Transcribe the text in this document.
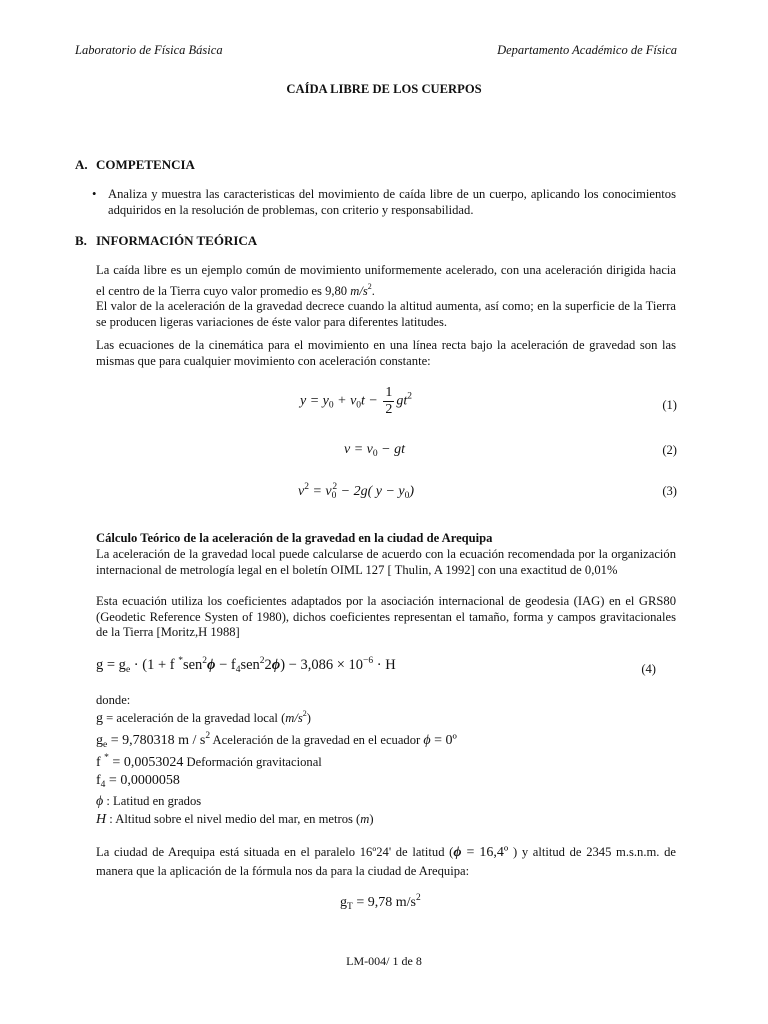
Laboratorio de Física Básica	Departamento Académico de Física
CAÍDA LIBRE DE LOS CUERPOS
A. COMPETENCIA
• Analiza y muestra las caracteristicas del movimiento de caída libre de un cuerpo, aplicando los conocimientos adquiridos en la resolución de problemas, con criterio y responsabilidad.
B. INFORMACIÓN TEÓRICA
La caída libre es un ejemplo común de movimiento uniformemente acelerado, con una aceleración dirigida hacia el centro de la Tierra cuyo valor promedio es 9,80 $m/s^2$.
El valor de la aceleración de la gravedad decrece cuando la altitud aumenta, así como; en la superficie de la Tierra se producen ligeras variaciones de éste valor para diferentes latitudes.
Las ecuaciones de la cinemática para el movimiento en una línea recta bajo la aceleración de gravedad son las mismas que para cualquier movimiento con aceleración constante:
$y = y_0 + v_0t - \frac{1}{2} gt^2$
(1)
$v = v_0$ − gt	(2)
$v^2 = v_0^2 - 2g$( $y - y_0$)	(3)
Cálculo Teórico de la aceleración de la gravedad en la ciudad de Arequipa
La aceleración de la gravedad local puede calcularse de acuerdo con la ecuación recomendada por la organización internacional de metrología legal en el boletín OIML 127 [ Thulin, A 1992] con una exactitud de 0,01%
Esta ecuación utiliza los coeficientes adaptados por la asociación internacional de geodesia (IAG) en el GRS80 (Geodetic Reference Systen of 1980), dichos coeficientes representan el tamaño, forma y campos gravitacionales de la Tierra [Moritz,H 1988]
$g = g_e \cdot (1 + f$ $^*sen^2\phi - f_4sen^22\phi) - 3,086 \times 10^{-6} \cdot H$	(4)
donde:
g = aceleración de la gravedad local $(m/s^2)$
$g_e = 9,780318$ m / $s^2$ Aceleración de la gravedad en el ecuador ϕ = 0º
f * = 0,0053024 Deformación gravitacional
$f_4 = 0,0000058$
ϕ : Latitud en grados
H : Altitud sobre el nivel medio del mar, en metros (m)
La ciudad de Arequipa está situada en el paralelo 16º24' de latitud (ϕ = 16,4º ) y altitud de 2345 m.s.n.m. de manera que la aplicación de la fórmula nos da para la ciudad de Arequipa:
$g_T = 9,78$ $m/s^2$
LM-004/ 1 de 8
